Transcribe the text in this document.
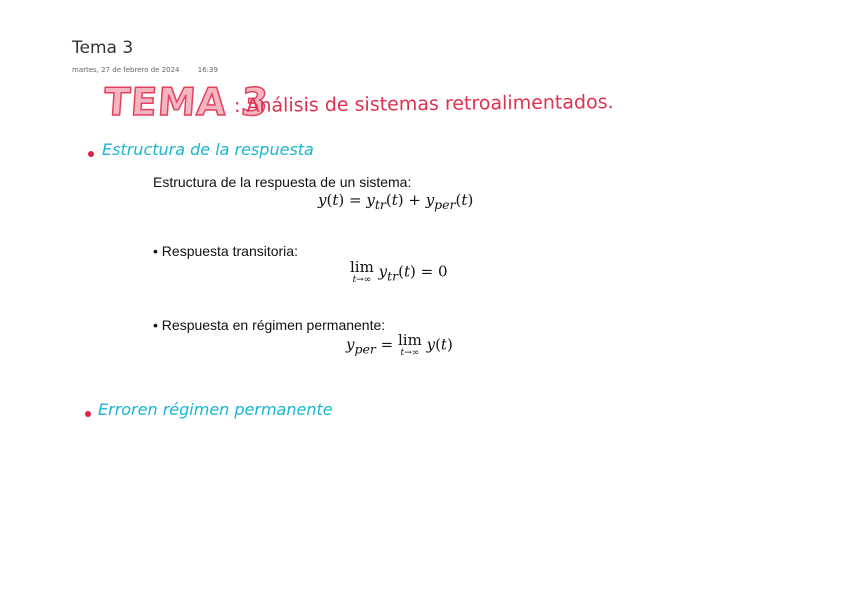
Tema 3
martes, 27 de febrero de 2024	16:39
TEMA 3
: Análisis de sistemas retroalimentados.
Estructura de la respuesta
Estructura de la respuesta de un sistema:
$y(t) = y_{tr}(t) + y_{per}(t)$
• Respuesta transitoria:
lim
t→∞ $y_{tr}(t) = 0$
• Respuesta en régimen permanente:
$y_{per} = \lim$
t→∞ y(t)
Erroren régimen permanente
